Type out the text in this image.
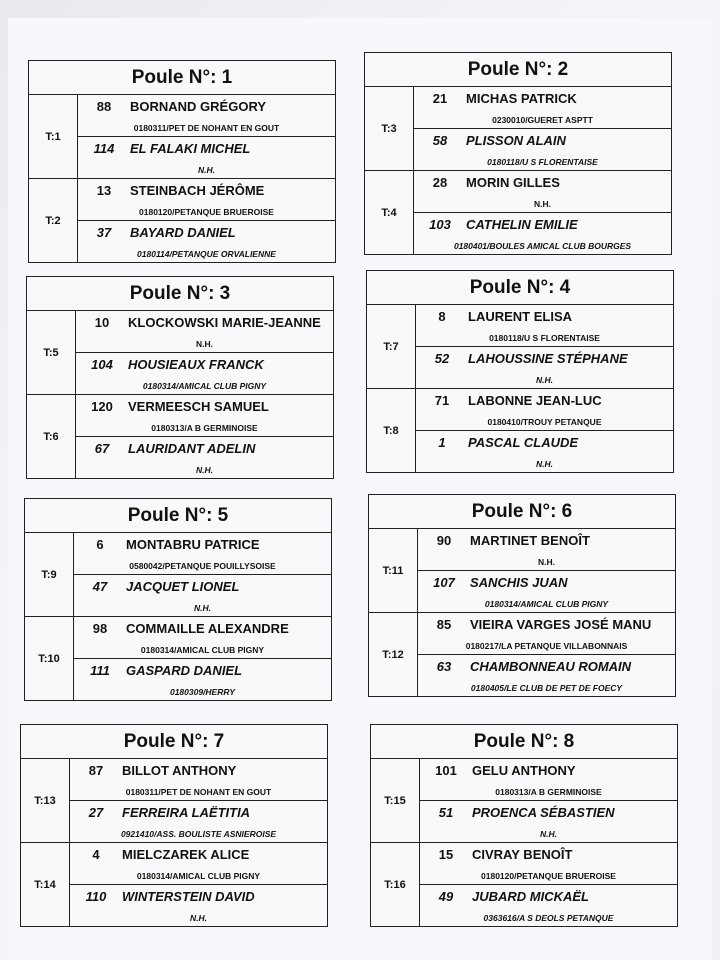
Poule N°: 1
T:1
88 BORNAND GRÉGORY
0180311/PET DE NOHANT EN GOUT
114 EL FALAKI MICHEL
N.H.
T:2
13 STEINBACH JÉRÔME
0180120/PETANQUE BRUEROISE
37 BAYARD DANIEL
0180114/PETANQUE ORVALIENNE
Poule N°: 2
T:3
21 MICHAS PATRICK
0230010/GUERET ASPTT
58 PLISSON ALAIN
0180118/U S FLORENTAISE
T:4
28 MORIN GILLES
N.H.
103 CATHELIN EMILIE
0180401/BOULES AMICAL CLUB BOURGES
Poule N°: 3
T:5
10 KLOCKOWSKI MARIE-JEANNE
N.H.
104 HOUSIEAUX FRANCK
0180314/AMICAL CLUB PIGNY
T:6
120 VERMEESCH SAMUEL
0180313/A B GERMINOISE
67 LAURIDANT ADELIN
N.H.
Poule N°: 4
T:7
8 LAURENT ELISA
0180118/U S FLORENTAISE
52 LAHOUSSINE STÉPHANE
N.H.
T:8
71 LABONNE JEAN-LUC
0180410/TROUY PETANQUE
1 PASCAL CLAUDE
N.H.
Poule N°: 5
T:9
6 MONTABRU PATRICE
0580042/PETANQUE POUILLYSOISE
47 JACQUET LIONEL
N.H.
T:10
98 COMMAILLE ALEXANDRE
0180314/AMICAL CLUB PIGNY
111 GASPARD DANIEL
0180309/HERRY
Poule N°: 6
T:11
90 MARTINET BENOÎT
N.H.
107 SANCHIS JUAN
0180314/AMICAL CLUB PIGNY
T:12
85 VIEIRA VARGES JOSÉ MANU
0180217/LA PETANQUE VILLABONNAIS
63 CHAMBONNEAU ROMAIN
0180405/LE CLUB DE PET DE FOECY
Poule N°: 7
T:13
87 BILLOT ANTHONY
0180311/PET DE NOHANT EN GOUT
27 FERREIRA LAËTITIA
0921410/ASS. BOULISTE ASNIEROISE
T:14
4 MIELCZAREK ALICE
0180314/AMICAL CLUB PIGNY
110 WINTERSTEIN DAVID
N.H.
Poule N°: 8
T:15
101 GELU ANTHONY
0180313/A B GERMINOISE
51 PROENCA SÉBASTIEN
N.H.
T:16
15 CIVRAY BENOÎT
0180120/PETANQUE BRUEROISE
49 JUBARD MICKAËL
0363616/A S DEOLS PETANQUE
